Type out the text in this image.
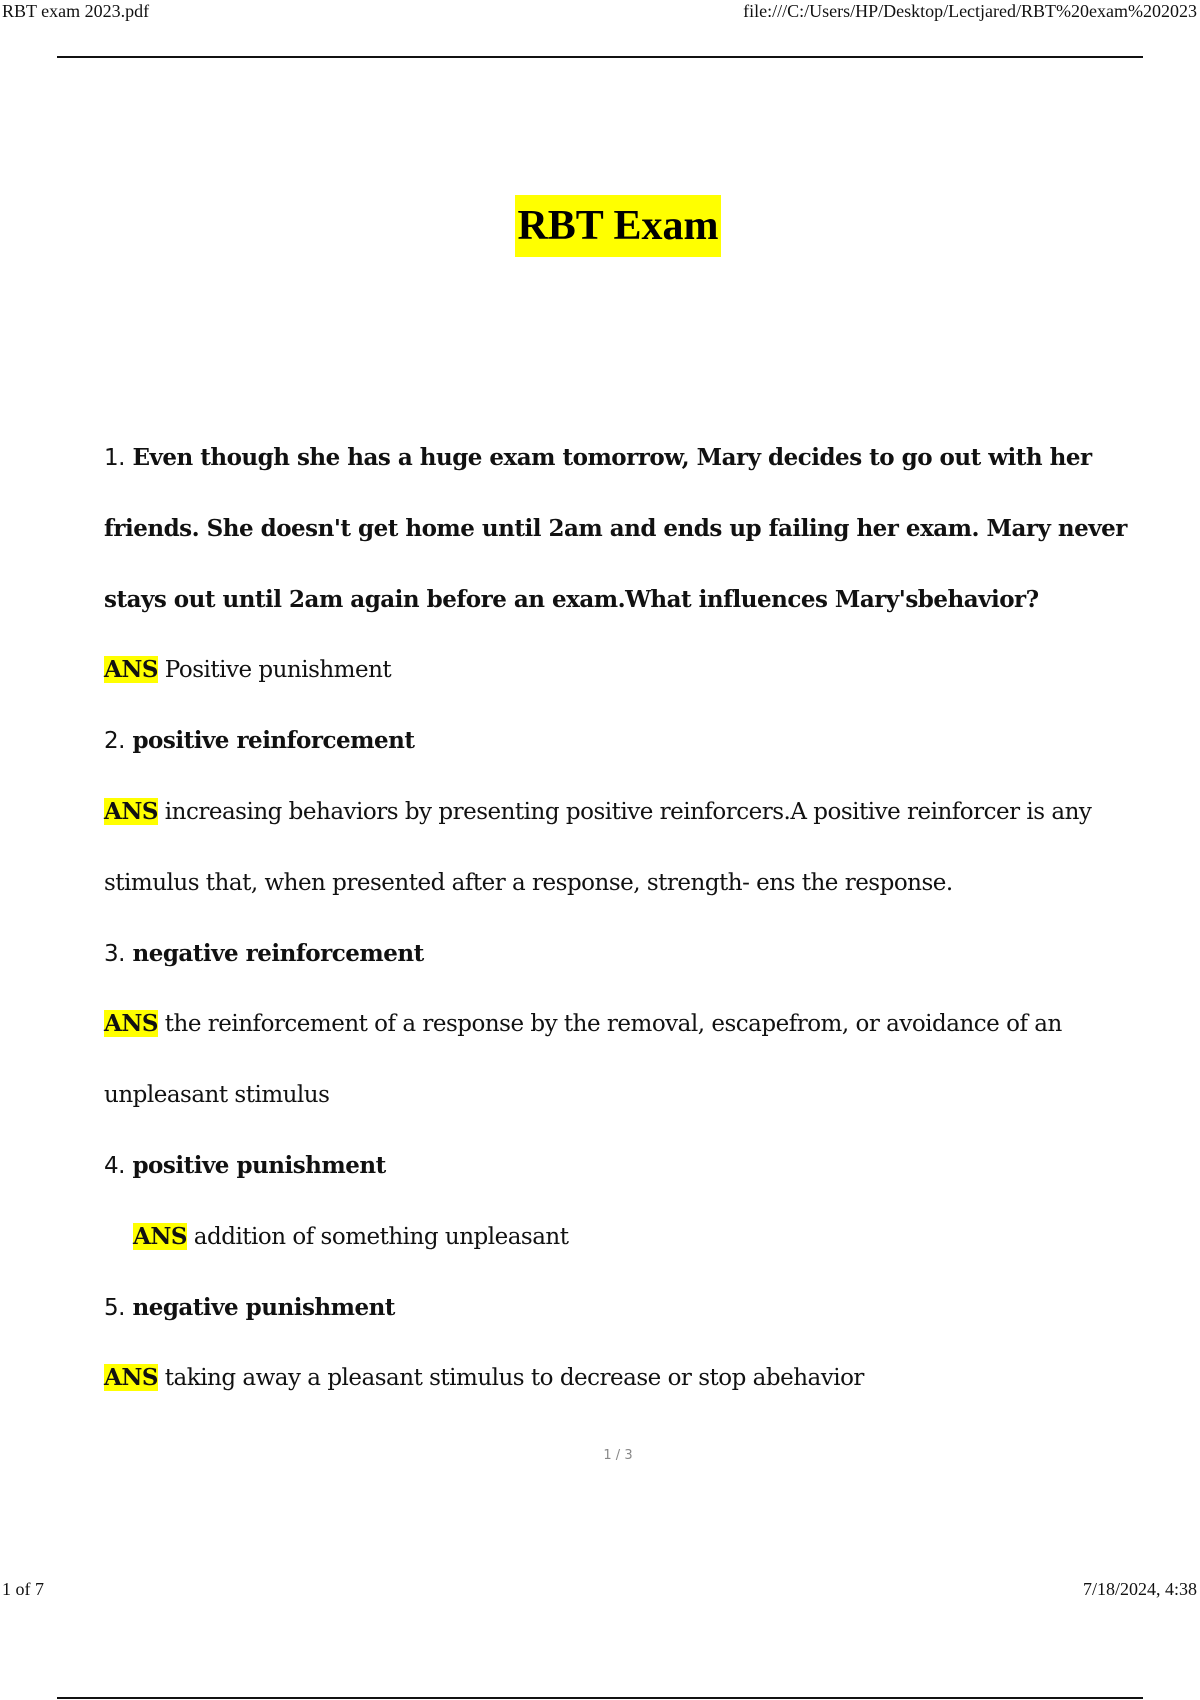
RBT exam 2023.pdf	file:///C:/Users/HP/Desktop/Lectjared/RBT%20exam%202023
RBT Exam

1. Even though she has a huge exam tomorrow, Mary decides to go out with her friends. She doesn't get home until 2am and ends up failing her exam. Mary never stays out until 2am again before an exam.What influences Mary'sbehavior?

ANS Positive punishment

2. positive reinforcement

ANS increasing behaviors by presenting positive reinforcers.A positive reinforcer is any stimulus that, when presented after a response, strength- ens the response.

3. negative reinforcement

ANS the reinforcement of a response by the removal, escapefrom, or avoidance of an unpleasant stimulus

4. positive punishment

ANS addition of something unpleasant

5. negative punishment

ANS taking away a pleasant stimulus to decrease or stop abehavior

1 / 3
1 of 7	7/18/2024, 4:38
